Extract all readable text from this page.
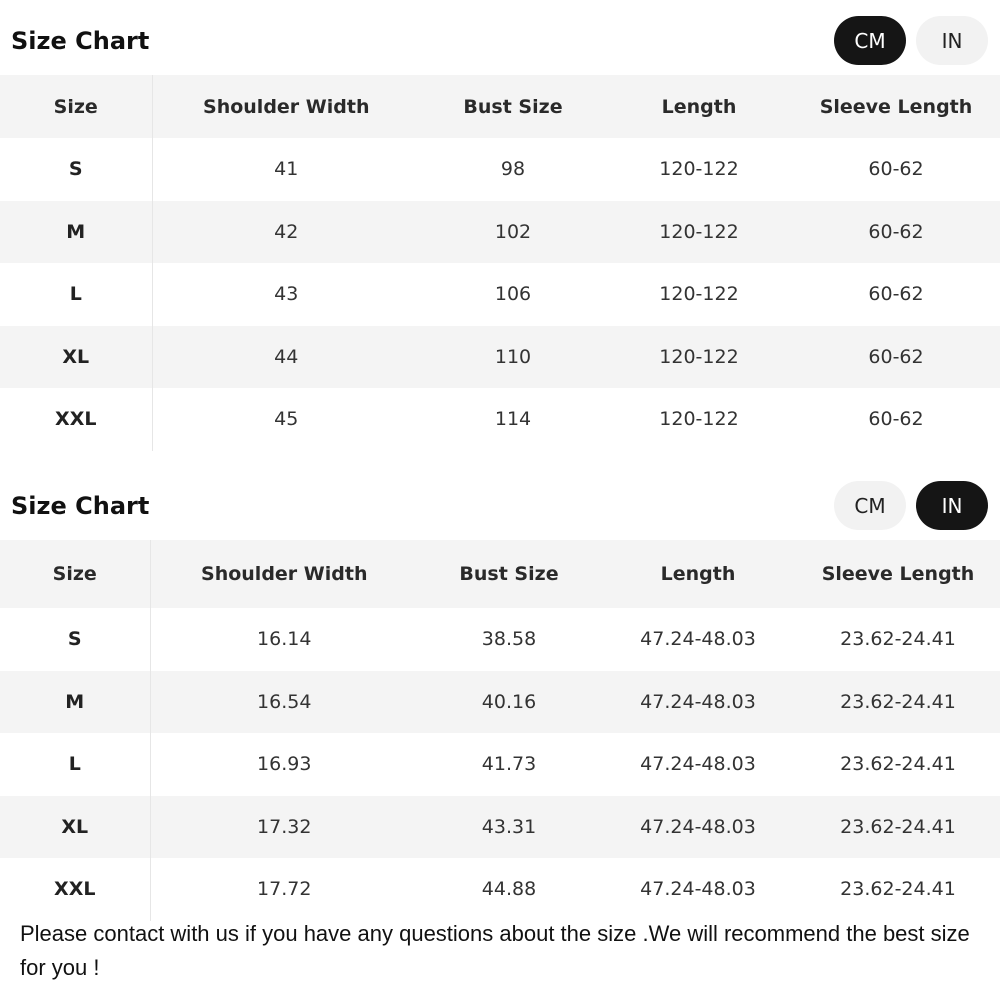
Size Chart	CM	IN
Size	Shoulder Width	Bust Size	Length	Sleeve Length
S	41	98	120-122	60-62
M	42	102	120-122	60-62
L	43	106	120-122	60-62
XL	44	110	120-122	60-62
XXL	45	114	120-122	60-62
Size Chart	CM	IN
Size	Shoulder Width	Bust Size	Length	Sleeve Length
S	16.14	38.58	47.24-48.03	23.62-24.41
M	16.54	40.16	47.24-48.03	23.62-24.41
L	16.93	41.73	47.24-48.03	23.62-24.41
XL	17.32	43.31	47.24-48.03	23.62-24.41
XXL	17.72	44.88	47.24-48.03	23.62-24.41
Please contact with us if you have any questions about the size .We will recommend the best size for you !
